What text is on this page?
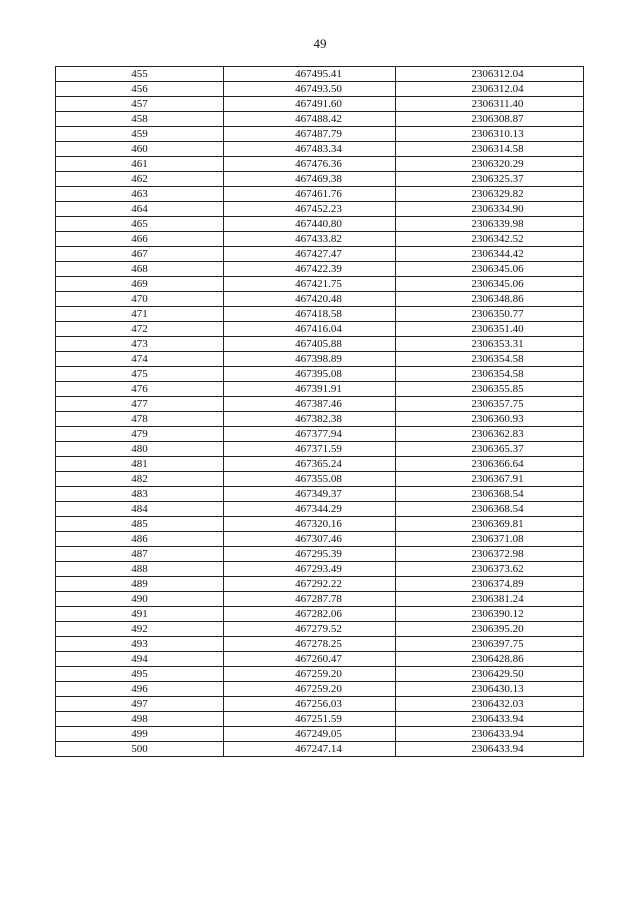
49
455	467495.41	2306312.04
456	467493.50	2306312.04
457	467491.60	2306311.40
458	467488.42	2306308.87
459	467487.79	2306310.13
460	467483.34	2306314.58
461	467476.36	2306320.29
462	467469.38	2306325.37
463	467461.76	2306329.82
464	467452.23	2306334.90
465	467440.80	2306339.98
466	467433.82	2306342.52
467	467427.47	2306344.42
468	467422.39	2306345.06
469	467421.75	2306345.06
470	467420.48	2306348.86
471	467418.58	2306350.77
472	467416.04	2306351.40
473	467405.88	2306353.31
474	467398.89	2306354.58
475	467395.08	2306354.58
476	467391.91	2306355.85
477	467387.46	2306357.75
478	467382.38	2306360.93
479	467377.94	2306362.83
480	467371.59	2306365.37
481	467365.24	2306366.64
482	467355.08	2306367.91
483	467349.37	2306368.54
484	467344.29	2306368.54
485	467320.16	2306369.81
486	467307.46	2306371.08
487	467295.39	2306372.98
488	467293.49	2306373.62
489	467292.22	2306374.89
490	467287.78	2306381.24
491	467282.06	2306390.12
492	467279.52	2306395.20
493	467278.25	2306397.75
494	467260.47	2306428.86
495	467259.20	2306429.50
496	467259.20	2306430.13
497	467256.03	2306432.03
498	467251.59	2306433.94
499	467249.05	2306433.94
500	467247.14	2306433.94
